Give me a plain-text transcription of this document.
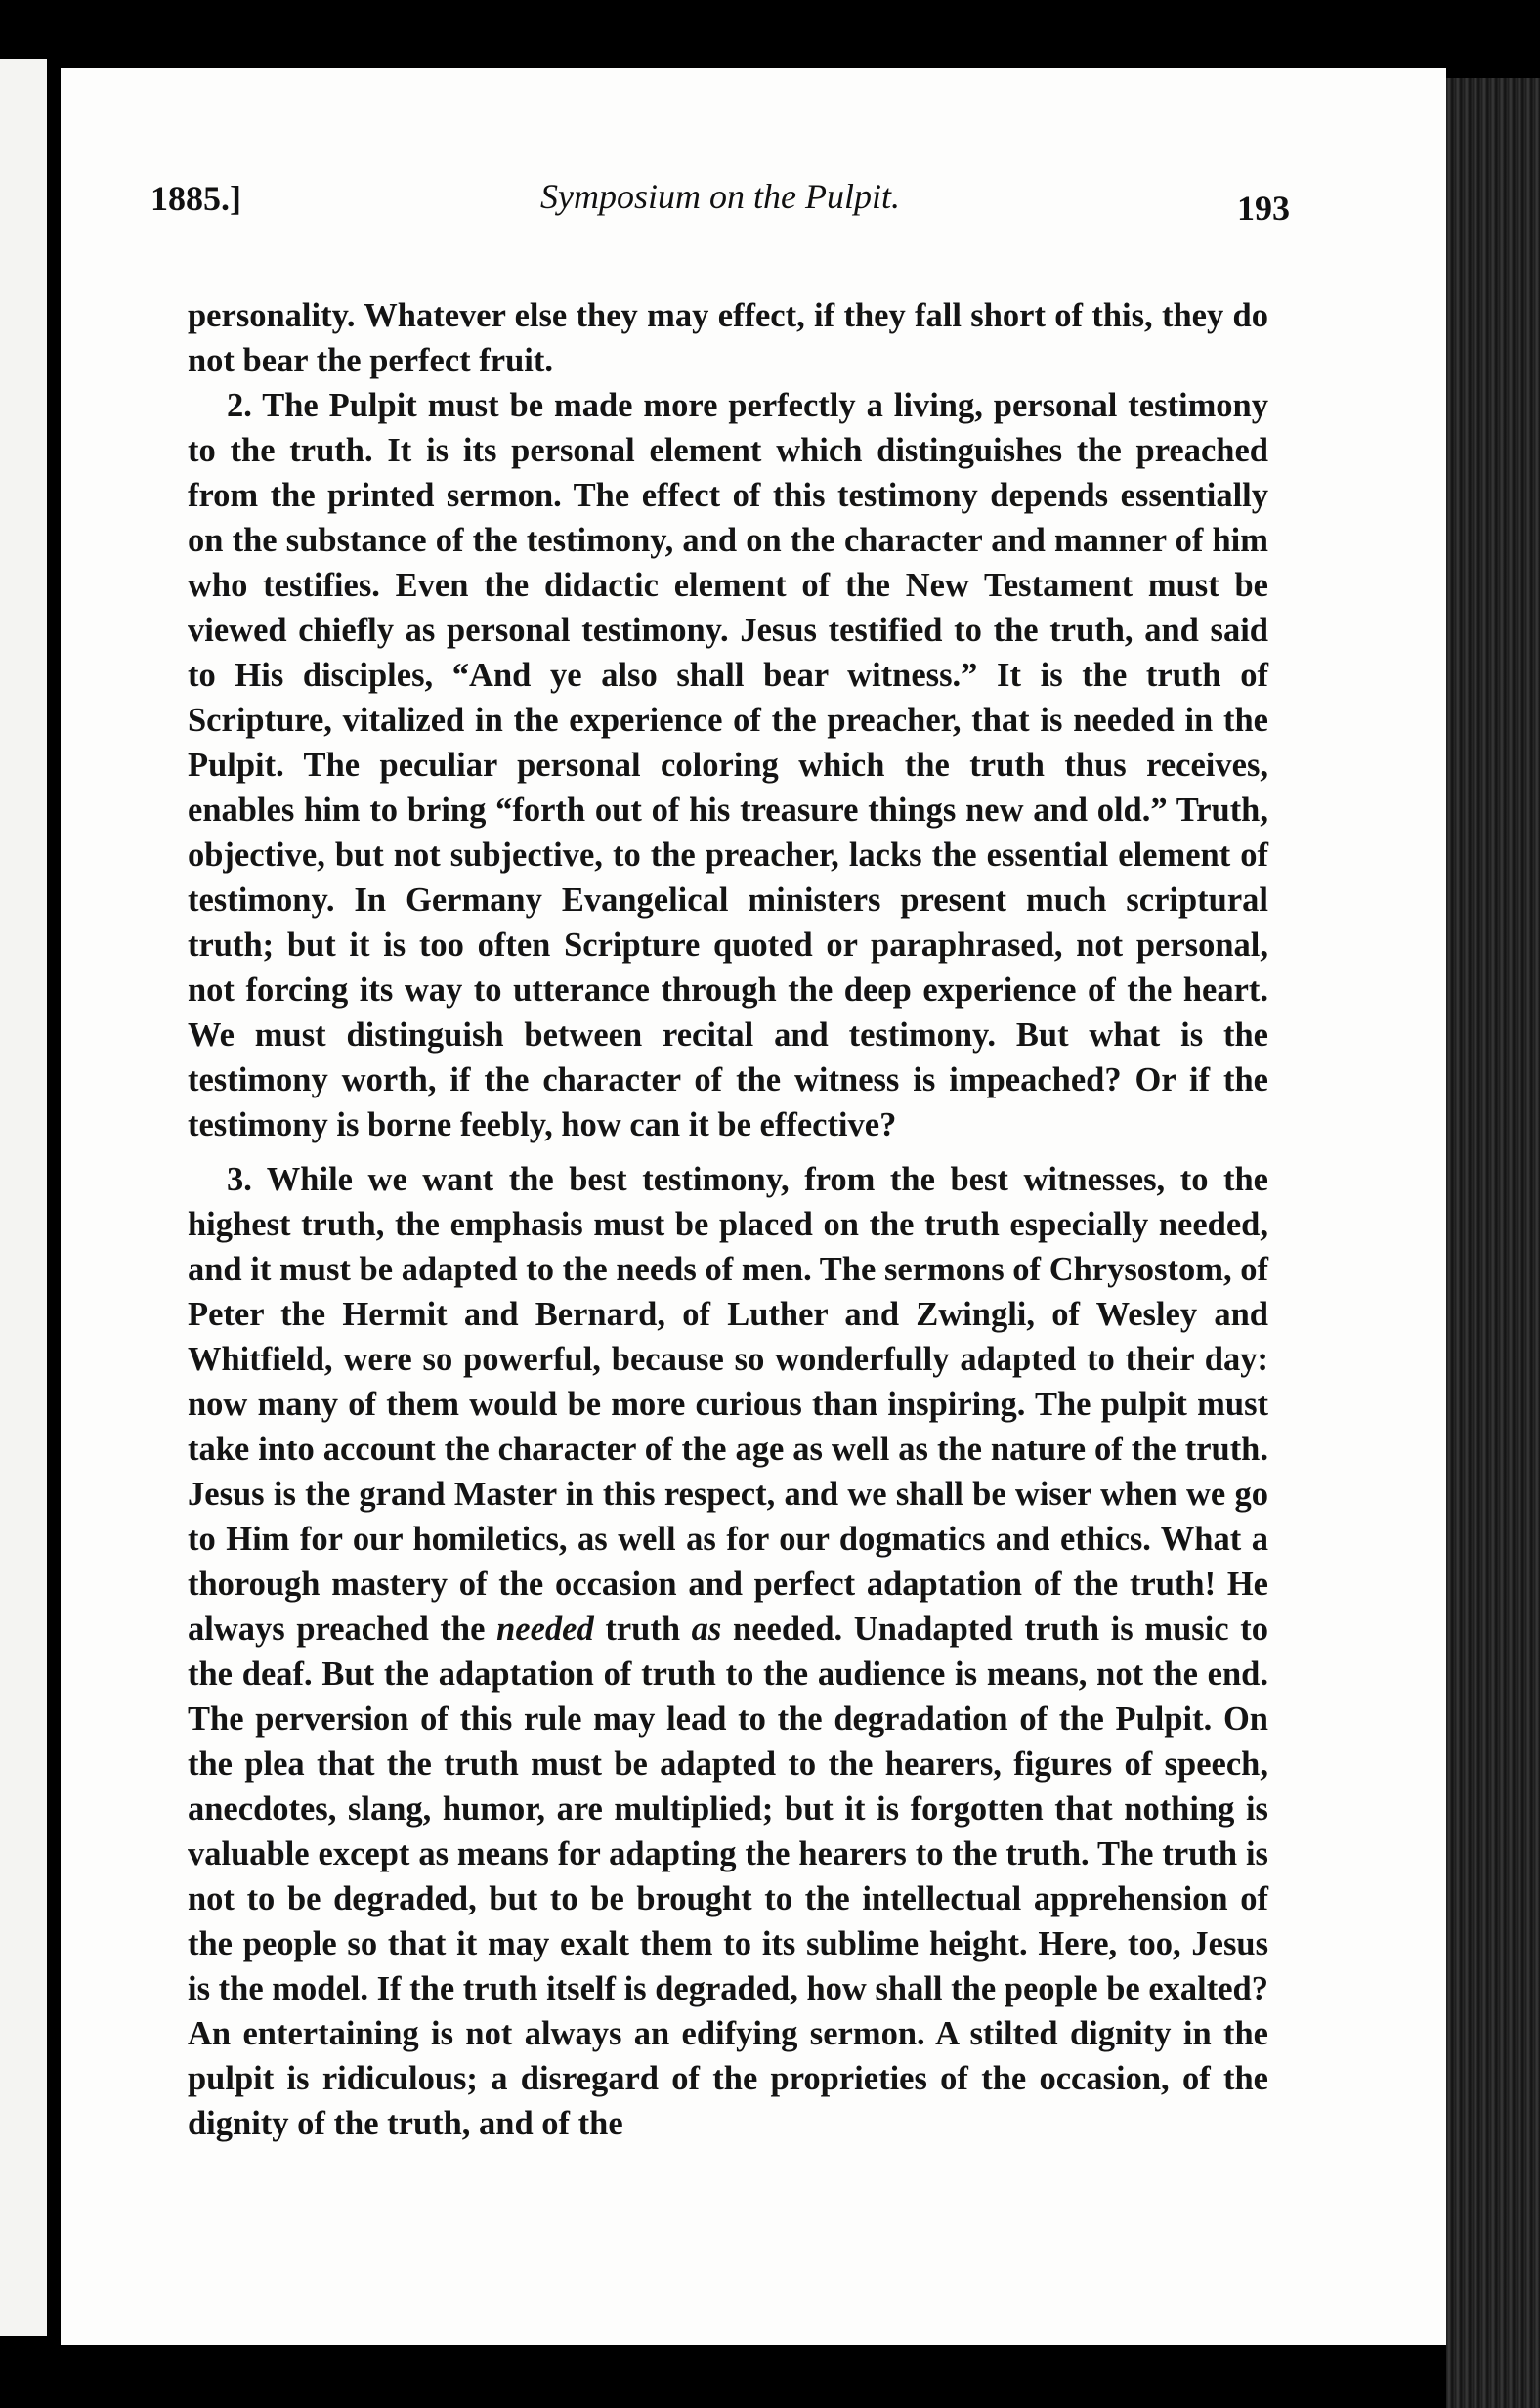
1885.]	Symposium on the Pulpit.	193

personality. Whatever else they may effect, if they fall short of this, they do not bear the perfect fruit.

2. The Pulpit must be made more perfectly a living, personal testimony to the truth. It is its personal element which distinguishes the preached from the printed sermon. The effect of this testimony depends essentially on the substance of the testimony, and on the character and manner of him who testifies. Even the didactic element of the New Testament must be viewed chiefly as personal testimony. Jesus testified to the truth, and said to His disciples, “And ye also shall bear witness.” It is the truth of Scripture, vitalized in the experience of the preacher, that is needed in the Pulpit. The peculiar personal coloring which the truth thus receives, enables him to bring “forth out of his treasure things new and old.” Truth, objective, but not subjective, to the preacher, lacks the essential element of testimony. In Germany Evangelical ministers present much scriptural truth; but it is too often Scripture quoted or paraphrased, not personal, not forcing its way to utterance through the deep experience of the heart. We must distinguish between recital and testimony. But what is the testimony worth, if the character of the witness is impeached? Or if the testimony is borne feebly, how can it be effective?

3. While we want the best testimony, from the best witnesses, to the highest truth, the emphasis must be placed on the truth especially needed, and it must be adapted to the needs of men. The sermons of Chrysostom, of Peter the Hermit and Bernard, of Luther and Zwingli, of Wesley and Whitfield, were so powerful, because so wonderfully adapted to their day: now many of them would be more curious than inspiring. The pulpit must take into account the character of the age as well as the nature of the truth. Jesus is the grand Master in this respect, and we shall be wiser when we go to Him for our homiletics, as well as for our dogmatics and ethics. What a thorough mastery of the occasion and perfect adaptation of the truth! He always preached the needed truth as needed. Unadapted truth is music to the deaf. But the adaptation of truth to the audience is means, not the end. The perversion of this rule may lead to the degradation of the Pulpit. On the plea that the truth must be adapted to the hearers, figures of speech, anecdotes, slang, humor, are multiplied; but it is forgotten that nothing is valuable except as means for adapting the hearers to the truth. The truth is not to be degraded, but to be brought to the intellectual apprehension of the people so that it may exalt them to its sublime height. Here, too, Jesus is the model. If the truth itself is degraded, how shall the people be exalted? An entertaining is not always an edifying sermon. A stilted dignity in the pulpit is ridiculous; a disregard of the proprieties of the occasion, of the dignity of the truth, and of the
